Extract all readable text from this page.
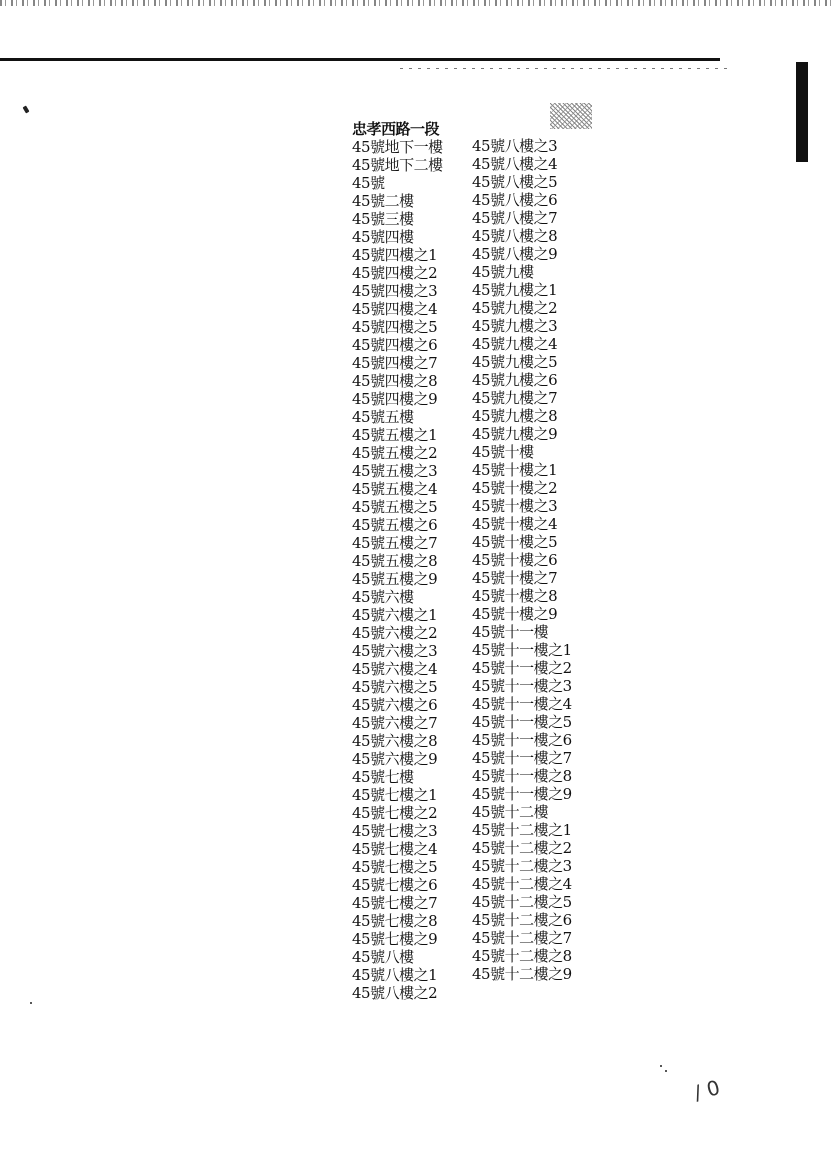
忠孝西路一段
45號地下一樓
45號地下二樓
45號
45號二樓
45號三樓
45號四樓
45號四樓之1
45號四樓之2
45號四樓之3
45號四樓之4
45號四樓之5
45號四樓之6
45號四樓之7
45號四樓之8
45號四樓之9
45號五樓
45號五樓之1
45號五樓之2
45號五樓之3
45號五樓之4
45號五樓之5
45號五樓之6
45號五樓之7
45號五樓之8
45號五樓之9
45號六樓
45號六樓之1
45號六樓之2
45號六樓之3
45號六樓之4
45號六樓之5
45號六樓之6
45號六樓之7
45號六樓之8
45號六樓之9
45號七樓
45號七樓之1
45號七樓之2
45號七樓之3
45號七樓之4
45號七樓之5
45號七樓之6
45號七樓之7
45號七樓之8
45號七樓之9
45號八樓
45號八樓之1
45號八樓之2
45號八樓之3
45號八樓之4
45號八樓之5
45號八樓之6
45號八樓之7
45號八樓之8
45號八樓之9
45號九樓
45號九樓之1
45號九樓之2
45號九樓之3
45號九樓之4
45號九樓之5
45號九樓之6
45號九樓之7
45號九樓之8
45號九樓之9
45號十樓
45號十樓之1
45號十樓之2
45號十樓之3
45號十樓之4
45號十樓之5
45號十樓之6
45號十樓之7
45號十樓之8
45號十樓之9
45號十一樓
45號十一樓之1
45號十一樓之2
45號十一樓之3
45號十一樓之4
45號十一樓之5
45號十一樓之6
45號十一樓之7
45號十一樓之8
45號十一樓之9
45號十二樓
45號十二樓之1
45號十二樓之2
45號十二樓之3
45號十二樓之4
45號十二樓之5
45號十二樓之6
45號十二樓之7
45號十二樓之8
45號十二樓之9
/ 0
